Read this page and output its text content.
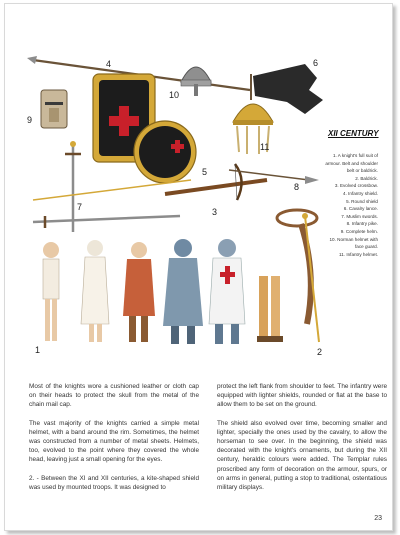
1	2
3
4
5
6
7
8
9
10
11
XII CENTURY
1. A knight's full suit of
armour. Belt and shoulder
belt or baldrick.
2. Baldrick.
3. Evolved crossbow.
4. Infantry shield.
5. Round shield
6. Cavalry lance.
7. Muslim swords.
8. Infantry pike.
9. Complete helm.
10. Norman helmet with
face guard.
11. Infantry helmet.

Most of the knights wore a cushioned leather or cloth cap on their heads to protect the skull from the metal of the chain mail cap.

The vast majority of the knights carried a simple metal helmet, with a band around the rim. Sometimes, the helmet was constructed from a number of metal sheets. Helmets, too, evolved to the point where they covered the whole head, leaving just a small opening for the eyes.

2. - Between the XI and XII centuries, a kite-shaped shield was used by mounted troops. It was designed to

protect the left flank from shoulder to feet. The infantry were equipped with lighter shields, rounded or flat at the base to allow them to be set on the ground.

The shield also evolved over time, becoming smaller and lighter, specially the ones used by the cavalry, to allow the horseman to see over. In the beginning, the shield was decorated with the knight's ornaments, but during the XII century, heraldic colours were added. The Templar rules proscribed any form of decoration on the armour, spurs, or on arms in general, putting a stop to traditional, ostentatious military displays.

23
